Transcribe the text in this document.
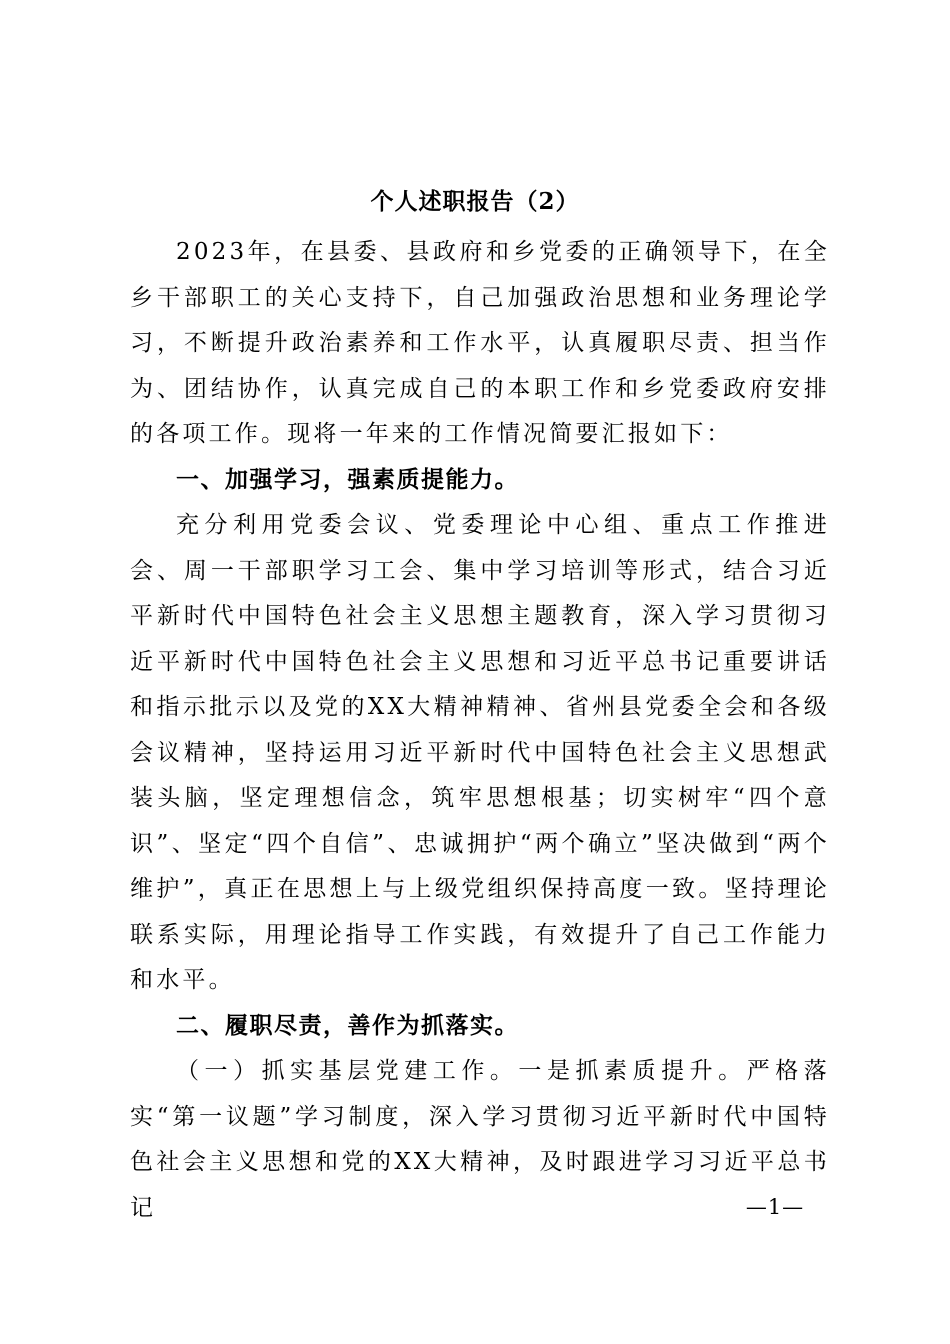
个人述职报告（2）

2023年，在县委、县政府和乡党委的正确领导下，在全乡干部职工的关心支持下，自己加强政治思想和业务理论学习，不断提升政治素养和工作水平，认真履职尽责、担当作为、团结协作，认真完成自己的本职工作和乡党委政府安排的各项工作。现将一年来的工作情况简要汇报如下：

一、加强学习，强素质提能力。

充分利用党委会议、党委理论中心组、重点工作推进会、周一干部职学习工会、集中学习培训等形式，结合习近平新时代中国特色社会主义思想主题教育，深入学习贯彻习近平新时代中国特色社会主义思想和习近平总书记重要讲话和指示批示以及党的XX大精神精神、省州县党委全会和各级会议精神，坚持运用习近平新时代中国特色社会主义思想武装头脑，坚定理想信念，筑牢思想根基；切实树牢“四个意识”、坚定“四个自信”、忠诚拥护“两个确立”坚决做到“两个维护”，真正在思想上与上级党组织保持高度一致。坚持理论联系实际，用理论指导工作实践，有效提升了自己工作能力和水平。

二、履职尽责，善作为抓落实。

（一）抓实基层党建工作。一是抓素质提升。严格落实“第一议题”学习制度，深入学习贯彻习近平新时代中国特色社会主义思想和党的XX大精神，及时跟进学习习近平总书记	—1—
